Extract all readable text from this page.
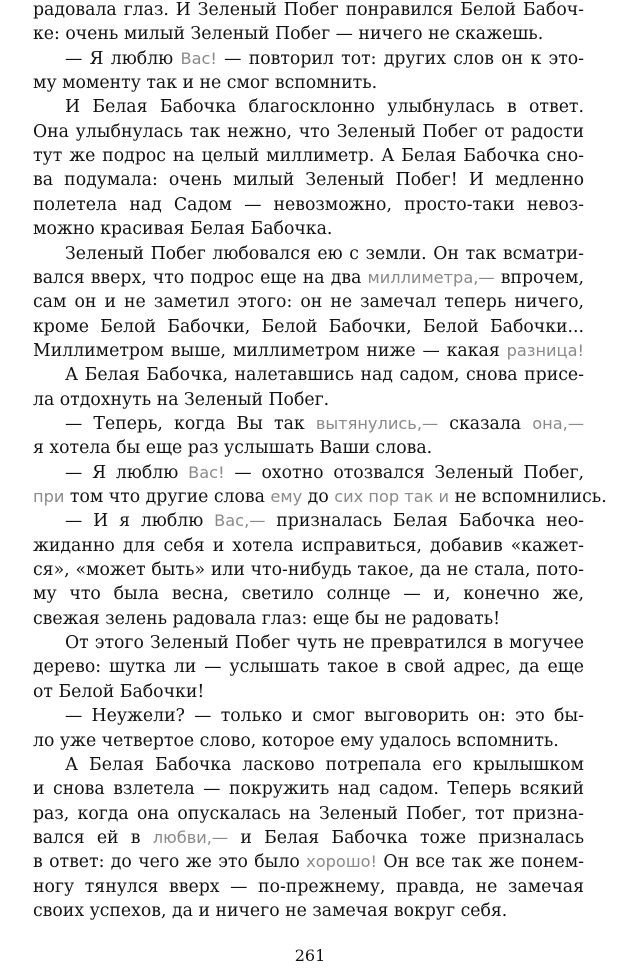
радовала глаз. И Зеленый Побег понравился Белой Бабоч-
ке: очень милый Зеленый Побег — ничего не скажешь.
— Я люблю Вас! — повторил тот: других слов он к это-
му моменту так и не смог вспомнить.
И Белая Бабочка благосклонно улыбнулась в ответ.
Она улыбнулась так нежно, что Зеленый Побег от радости
тут же подрос на целый миллиметр. А Белая Бабочка сно-
ва подумала: очень милый Зеленый Побег! И медленно
полетела над Садом — невозможно, просто-таки невоз-
можно красивая Белая Бабочка.
Зеленый Побег любовался ею с земли. Он так всматри-
вался вверх, что подрос еще на два миллиметра,— впрочем,
сам он и не заметил этого: он не замечал теперь ничего,
кроме Белой Бабочки, Белой Бабочки, Белой Бабочки...
Миллиметром выше, миллиметром ниже — какая разница!
А Белая Бабочка, налетавшись над садом, снова присе-
ла отдохнуть на Зеленый Побег.
— Теперь, когда Вы так вытянулись,— сказала она,—
я хотела бы еще раз услышать Ваши слова.
— Я люблю Вас! — охотно отозвался Зеленый Побег,
при том что другие слова ему до сих пор так и не вспомнились.
— И я люблю Вас,— призналась Белая Бабочка нео-
жиданно для себя и хотела исправиться, добавив «кажет-
ся», «может быть» или что-нибудь такое, да не стала, пото-
му что была весна, светило солнце — и, конечно же,
свежая зелень радовала глаз: еще бы не радовать!
От этого Зеленый Побег чуть не превратился в могучее
дерево: шутка ли — услышать такое в свой адрес, да еще
от Белой Бабочки!
— Неужели? — только и смог выговорить он: это бы-
ло уже четвертое слово, которое ему удалось вспомнить.
А Белая Бабочка ласково потрепала его крылышком
и снова взлетела — покружить над садом. Теперь всякий
раз, когда она опускалась на Зеленый Побег, тот призна-
вался ей в любви,— и Белая Бабочка тоже призналась
в ответ: до чего же это было хорошо! Он все так же понем-
ногу тянулся вверх — по-прежнему, правда, не замечая
своих успехов, да и ничего не замечая вокруг себя.
261
